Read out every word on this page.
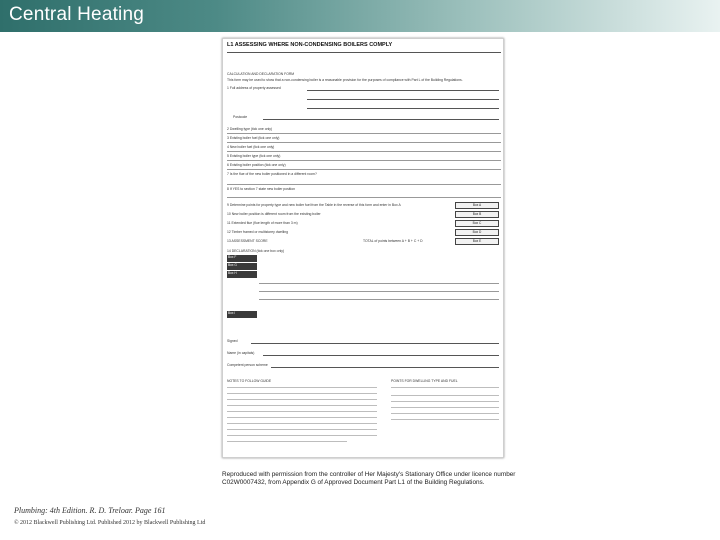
Central Heating
L1 ASSESSING WHERE NON-CONDENSING BOILERS COMPLY
CALCULATION AND DECLARATION FORM
This form may be used to show that a non-condensing boiler is a reasonable provision for the purposes of compliance with Part L of the Building Regulations.
1 Full address of property assessed
Postcode
2 Dwelling type (tick one only)
3 Existing boiler fuel (tick one only)
4 New boiler fuel (tick one only)
5 Existing boiler type (tick one only)
6 Existing boiler position (tick one only)
7 Is the flue of the new boiler positioned in a different room?
8 If YES to section 7 state new boiler position
9 Determine points for property type and new boiler fuel from the Table in the reverse of this form and enter in Box A
10 New boiler position is different room from the existing boiler
11 Extended flue (flue length of more than 3 m)
12 Timber framed or multistorey dwelling
13 ASSESSMENT SCORE	TOTAL of points between A + B + C + D
Box A
Box B
Box C
Box D
Box E
14 DECLARATION (tick one box only)
Box F
Box G
Box H
Box I
Signed
Name (in capitals)
Competent person scheme
NOTES TO FOLLOW GUIDE	POINTS FOR DWELLING TYPE AND FUEL
Reproduced with permission from the controller of Her Majesty's Stationary Office under licence number C02W0007432, from Appendix G of Approved Document Part L1 of the Building Regulations.
Plumbing: 4th Edition. R. D. Treloar. Page 161
© 2012 Blackwell Publishing Ltd. Published 2012 by Blackwell Publishing Ltd
